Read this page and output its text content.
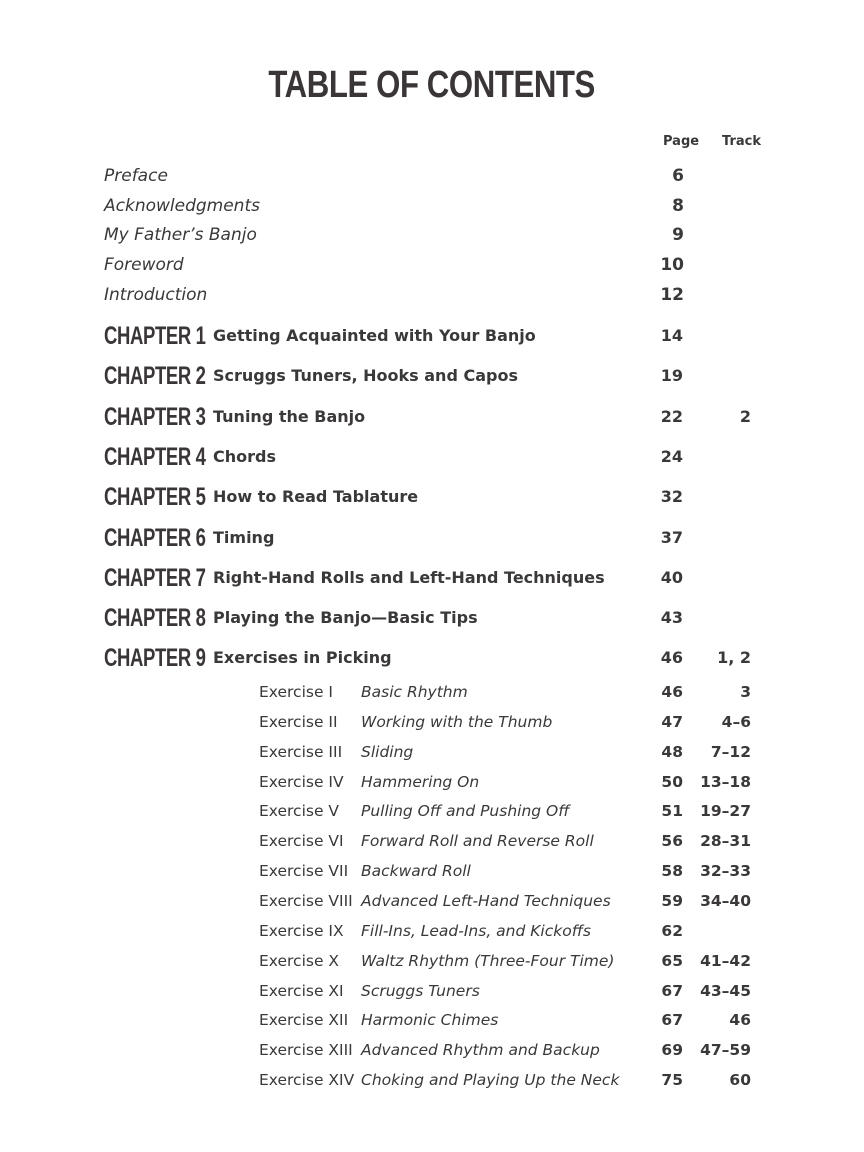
TABLE OF CONTENTS
Page Track
Preface	6
Acknowledgments	8
My Father’s Banjo	9
Foreword	10
Introduction	12
CHAPTER 1 Getting Acquainted with Your Banjo	14
CHAPTER 2 Scruggs Tuners, Hooks and Capos	19
CHAPTER 3 Tuning the Banjo	22	2
CHAPTER 4 Chords	24
CHAPTER 5 How to Read Tablature	32
CHAPTER 6 Timing	37
CHAPTER 7 Right-Hand Rolls and Left-Hand Techniques	40
CHAPTER 8 Playing the Banjo—Basic Tips	43
CHAPTER 9 Exercises in Picking	46	1, 2
Exercise I Basic Rhythm	46	3
Exercise II Working with the Thumb	47	4–6
Exercise III Sliding	48	7–12
Exercise IV Hammering On	50	13–18
Exercise V Pulling Off and Pushing Off	51	19–27
Exercise VI Forward Roll and Reverse Roll	56	28–31
Exercise VII Backward Roll	58	32–33
Exercise VIII Advanced Left-Hand Techniques	59	34–40
Exercise IX Fill-Ins, Lead-Ins, and Kickoffs	62
Exercise X Waltz Rhythm (Three-Four Time)	65	41–42
Exercise XI Scruggs Tuners	67	43–45
Exercise XII Harmonic Chimes	67	46
Exercise XIII Advanced Rhythm and Backup	69	47–59
Exercise XIV Choking and Playing Up the Neck	75	60
